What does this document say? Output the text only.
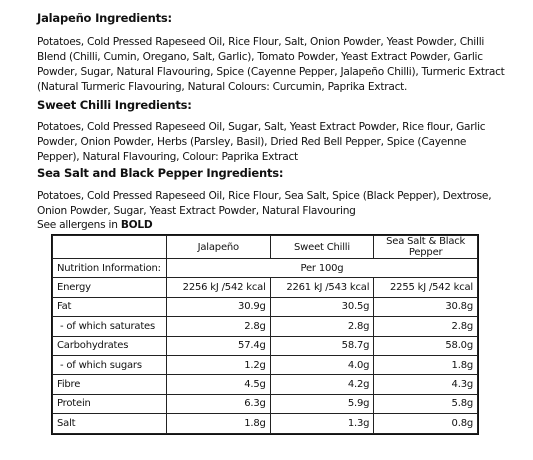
Jalapeño Ingredients:
Potatoes, Cold Pressed Rapeseed Oil, Rice Flour, Salt, Onion Powder, Yeast Powder, Chilli Blend (Chilli, Cumin, Oregano, Salt, Garlic), Tomato Powder, Yeast Extract Powder, Garlic Powder, Sugar, Natural Flavouring, Spice (Cayenne Pepper, Jalapeño Chilli), Turmeric Extract (Natural Turmeric Flavouring, Natural Colours: Curcumin, Paprika Extract.
Sweet Chilli Ingredients:
Potatoes, Cold Pressed Rapeseed Oil, Sugar, Salt, Yeast Extract Powder, Rice flour, Garlic Powder, Onion Powder, Herbs (Parsley, Basil), Dried Red Bell Pepper, Spice (Cayenne Pepper), Natural Flavouring, Colour: Paprika Extract
Sea Salt and Black Pepper Ingredients:
Potatoes, Cold Pressed Rapeseed Oil, Rice Flour, Sea Salt, Spice (Black Pepper), Dextrose, Onion Powder, Sugar, Yeast Extract Powder, Natural Flavouring
See allergens in BOLD
	Jalapeño	Sweet Chilli	Sea Salt & Black Pepper
Nutrition Information:	Per 100g		
Energy	2256 kJ /542 kcal	2261 kJ /543 kcal	2255 kJ /542 kcal
Fat	30.9g	30.5g	30.8g
- of which saturates	2.8g	2.8g	2.8g
Carbohydrates	57.4g	58.7g	58.0g
- of which sugars	1.2g	4.0g	1.8g
Fibre	4.5g	4.2g	4.3g
Protein	6.3g	5.9g	5.8g
Salt	1.8g	1.3g	0.8g
